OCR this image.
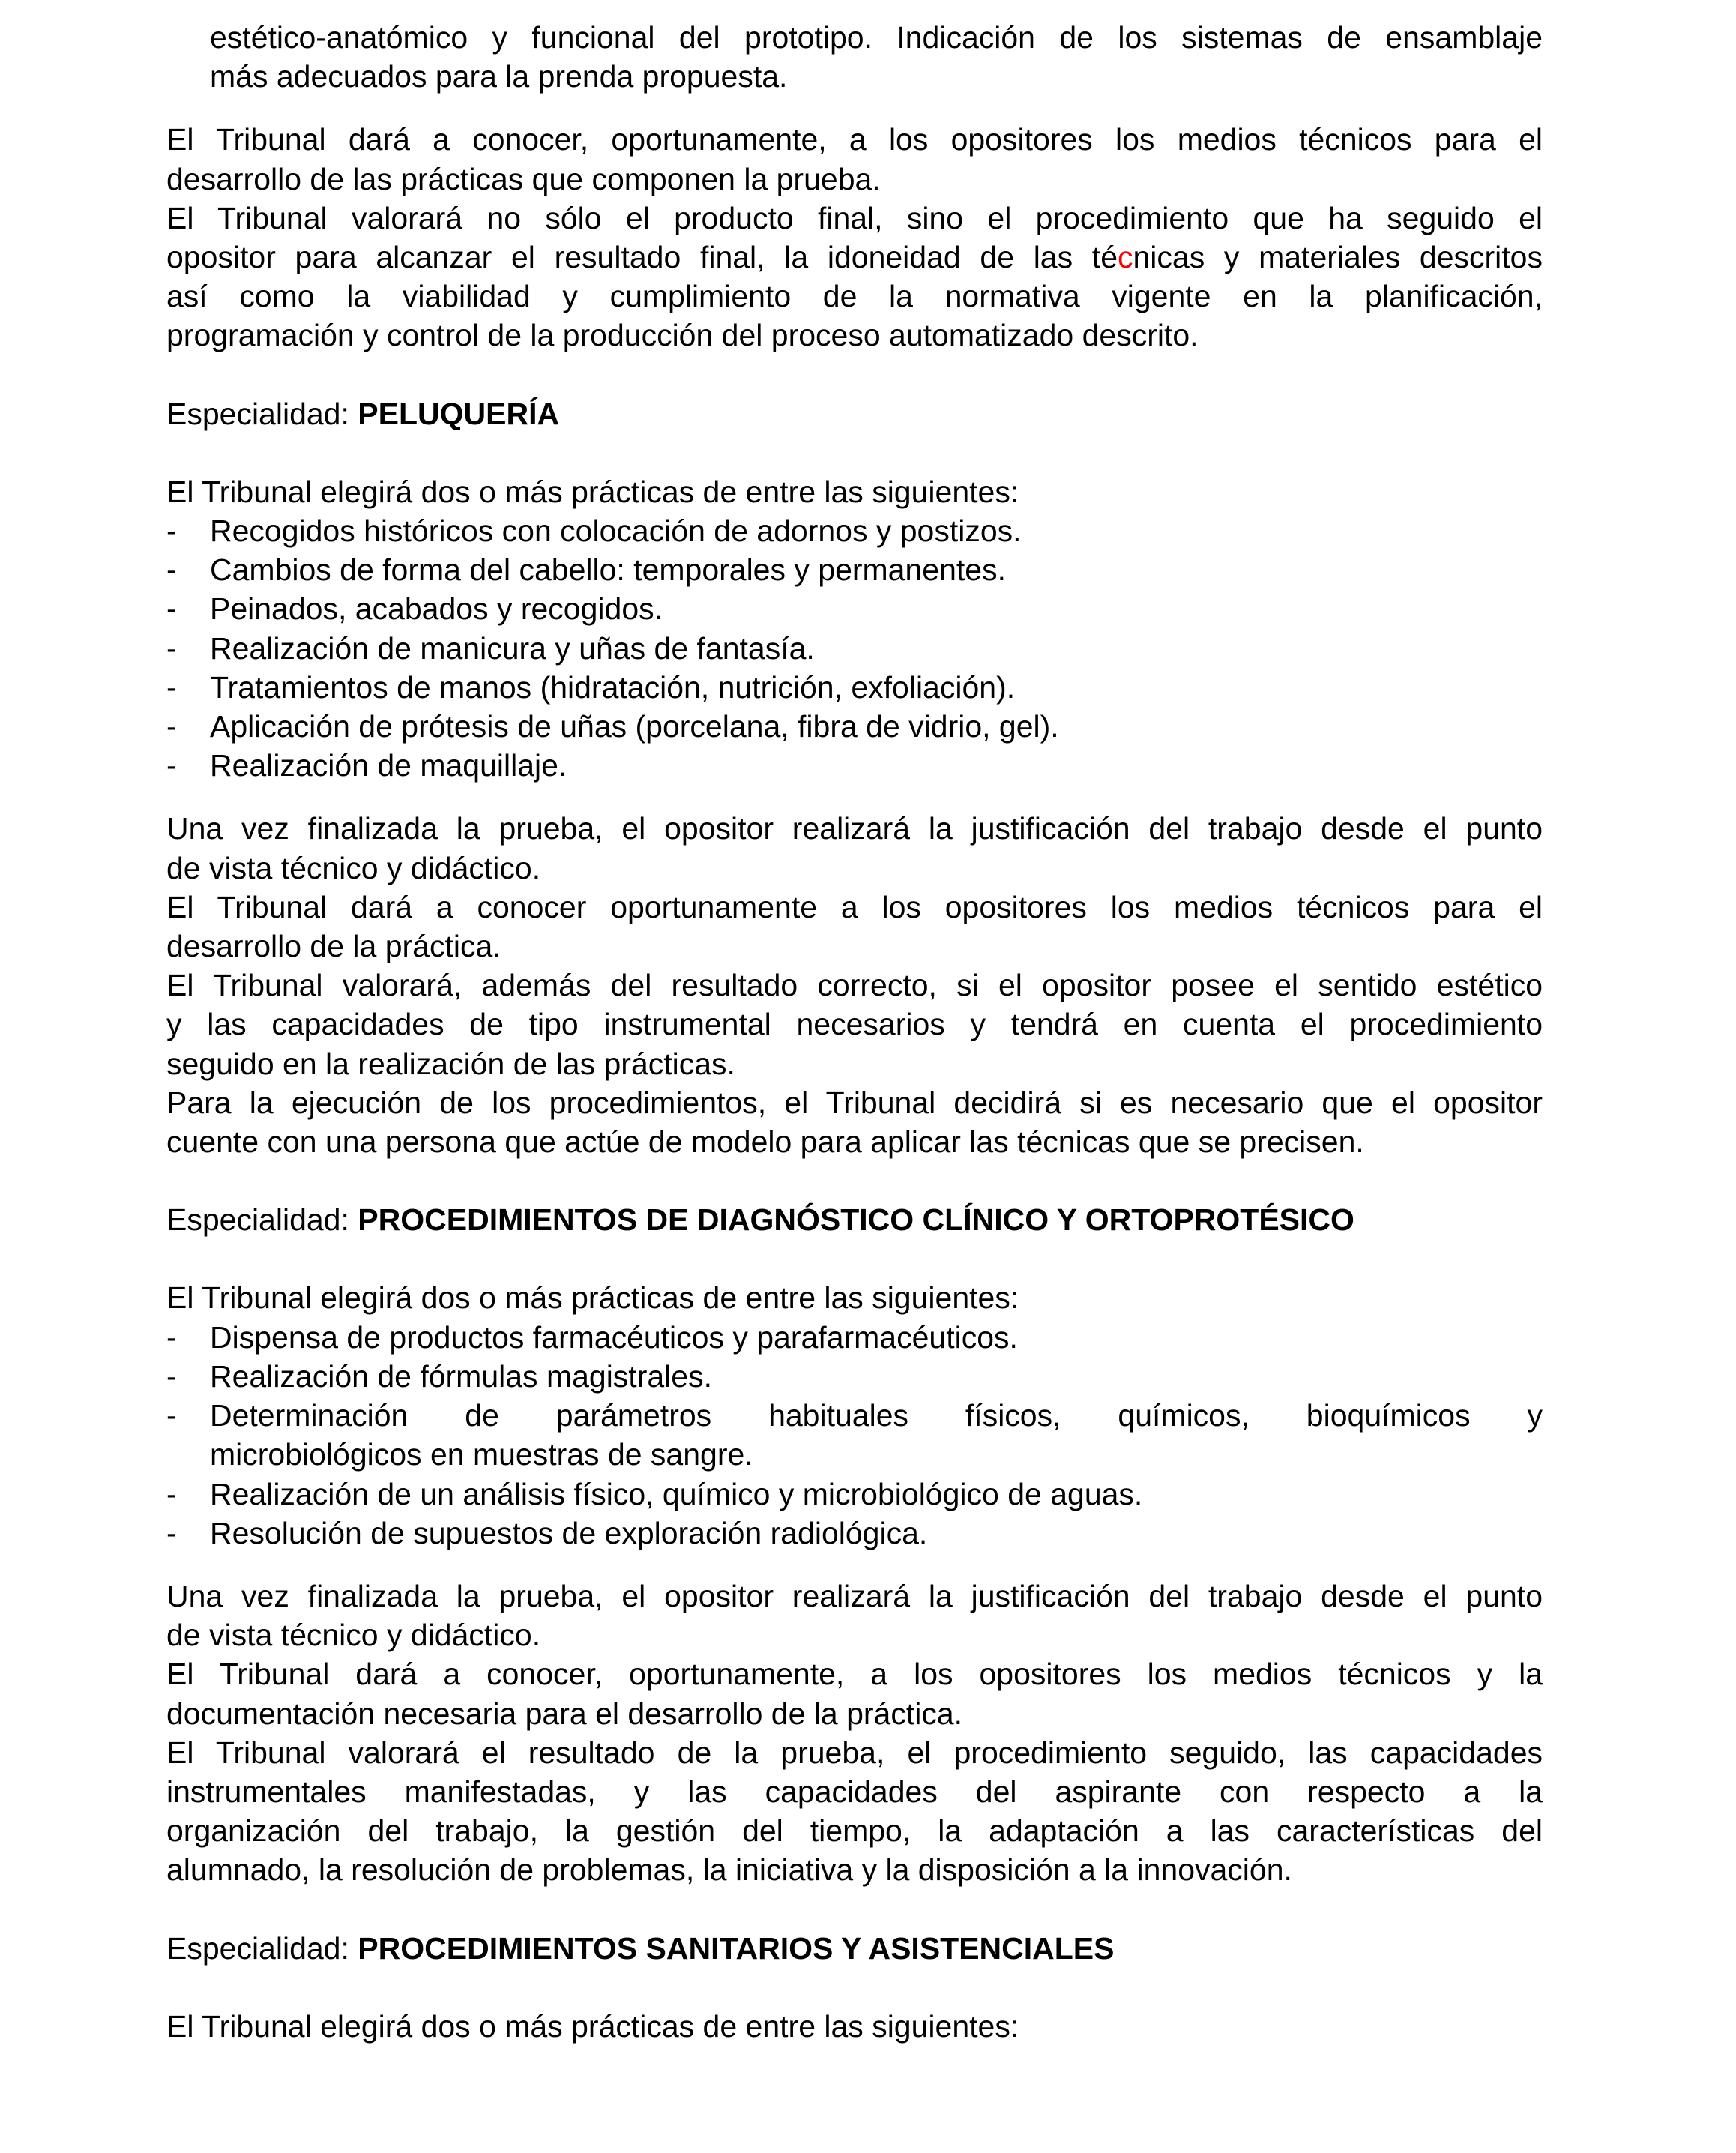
estético-anatómico y funcional del prototipo. Indicación de los sistemas de ensamblaje
más adecuados para la prenda propuesta.
El Tribunal dará a conocer, oportunamente, a los opositores los medios técnicos para el
desarrollo de las prácticas que componen la prueba.
El Tribunal valorará no sólo el producto final, sino el procedimiento que ha seguido el
opositor para alcanzar el resultado final, la idoneidad de las técnicas y materiales descritos
así como la viabilidad y cumplimiento de la normativa vigente en la planificación,
programación y control de la producción del proceso automatizado descrito.
Especialidad: PELUQUERÍA
El Tribunal elegirá dos o más prácticas de entre las siguientes:
- Recogidos históricos con colocación de adornos y postizos.
- Cambios de forma del cabello: temporales y permanentes.
- Peinados, acabados y recogidos.
- Realización de manicura y uñas de fantasía.
- Tratamientos de manos (hidratación, nutrición, exfoliación).
- Aplicación de prótesis de uñas (porcelana, fibra de vidrio, gel).
- Realización de maquillaje.
Una vez finalizada la prueba, el opositor realizará la justificación del trabajo desde el punto
de vista técnico y didáctico.
El Tribunal dará a conocer oportunamente a los opositores los medios técnicos para el
desarrollo de la práctica.
El Tribunal valorará, además del resultado correcto, si el opositor posee el sentido estético
y las capacidades de tipo instrumental necesarios y tendrá en cuenta el procedimiento
seguido en la realización de las prácticas.
Para la ejecución de los procedimientos, el Tribunal decidirá si es necesario que el opositor
cuente con una persona que actúe de modelo para aplicar las técnicas que se precisen.
Especialidad: PROCEDIMIENTOS DE DIAGNÓSTICO CLÍNICO Y ORTOPROTÉSICO
El Tribunal elegirá dos o más prácticas de entre las siguientes:
- Dispensa de productos farmacéuticos y parafarmacéuticos.
- Realización de fórmulas magistrales.
- Determinación de parámetros habituales físicos, químicos, bioquímicos y
microbiológicos en muestras de sangre.
- Realización de un análisis físico, químico y microbiológico de aguas.
- Resolución de supuestos de exploración radiológica.
Una vez finalizada la prueba, el opositor realizará la justificación del trabajo desde el punto
de vista técnico y didáctico.
El Tribunal dará a conocer, oportunamente, a los opositores los medios técnicos y la
documentación necesaria para el desarrollo de la práctica.
El Tribunal valorará el resultado de la prueba, el procedimiento seguido, las capacidades
instrumentales manifestadas, y las capacidades del aspirante con respecto a la
organización del trabajo, la gestión del tiempo, la adaptación a las características del
alumnado, la resolución de problemas, la iniciativa y la disposición a la innovación.
Especialidad: PROCEDIMIENTOS SANITARIOS Y ASISTENCIALES
El Tribunal elegirá dos o más prácticas de entre las siguientes:
